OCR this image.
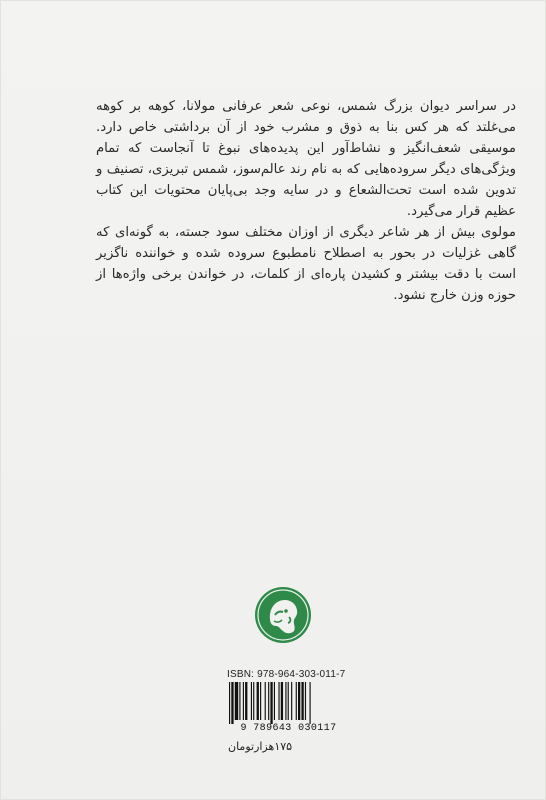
در سراسر دیوان بزرگ شمس، نوعی شعر عرفانی مولانا، کوهه بر کوهه می‌غلتد که هر کس بنا به ذوق و مشرب خود از آن برداشتی خاص دارد. موسیقی شعف‌انگیز و نشاط‌آور این پدیده‌های نبوغ تا آنجاست که تمام ویژگی‌های دیگر سروده‌هایی که به نام رند عالم‌سوز، شمس تبریزی، تصنیف و تدوین شده است تحت‌الشعاع و در سایه وجد بی‌پایان محتویات این کتاب عظیم قرار می‌گیرد.

مولوی بیش از هر شاعر دیگری از اوزان مختلف سود جسته، به گونه‌ای که گاهی غزلیات در بحور به اصطلاح نامطبوع سروده شده و خواننده ناگزیر است با دقت بیشتر و کشیدن پاره‌ای از کلمات، در خواندن برخی واژه‌ها از حوزه وزن خارج نشود.

ISBN: 978-964-303-011-7
9 789643 030117
۱۷۵هزارتومان
